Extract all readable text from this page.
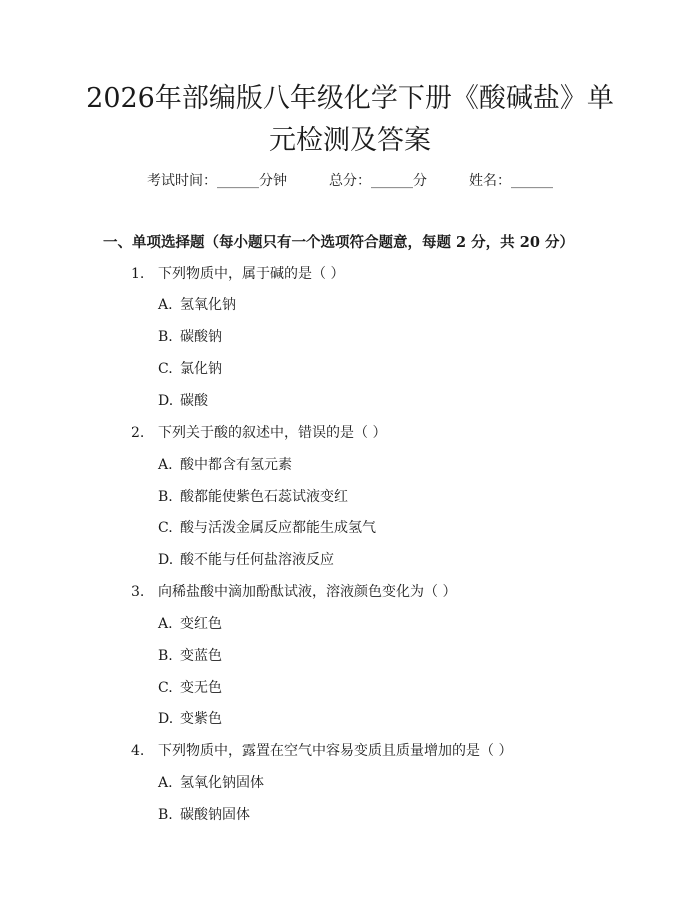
2026年部编版八年级化学下册《酸碱盐》单
元检测及答案
考试时间：______分钟	总分：______分	姓名：______
一、单项选择题（每小题只有一个选项符合题意，每题 2 分，共 20 分）
1. 下列物质中，属于碱的是（ ）
A. 氢氧化钠
B. 碳酸钠
C. 氯化钠
D. 碳酸
2. 下列关于酸的叙述中，错误的是（ ）
A. 酸中都含有氢元素
B. 酸都能使紫色石蕊试液变红
C. 酸与活泼金属反应都能生成氢气
D. 酸不能与任何盐溶液反应
3. 向稀盐酸中滴加酚酞试液，溶液颜色变化为（ ）
A. 变红色
B. 变蓝色
C. 变无色
D. 变紫色
4. 下列物质中，露置在空气中容易变质且质量增加的是（ ）
A. 氢氧化钠固体
B. 碳酸钠固体
